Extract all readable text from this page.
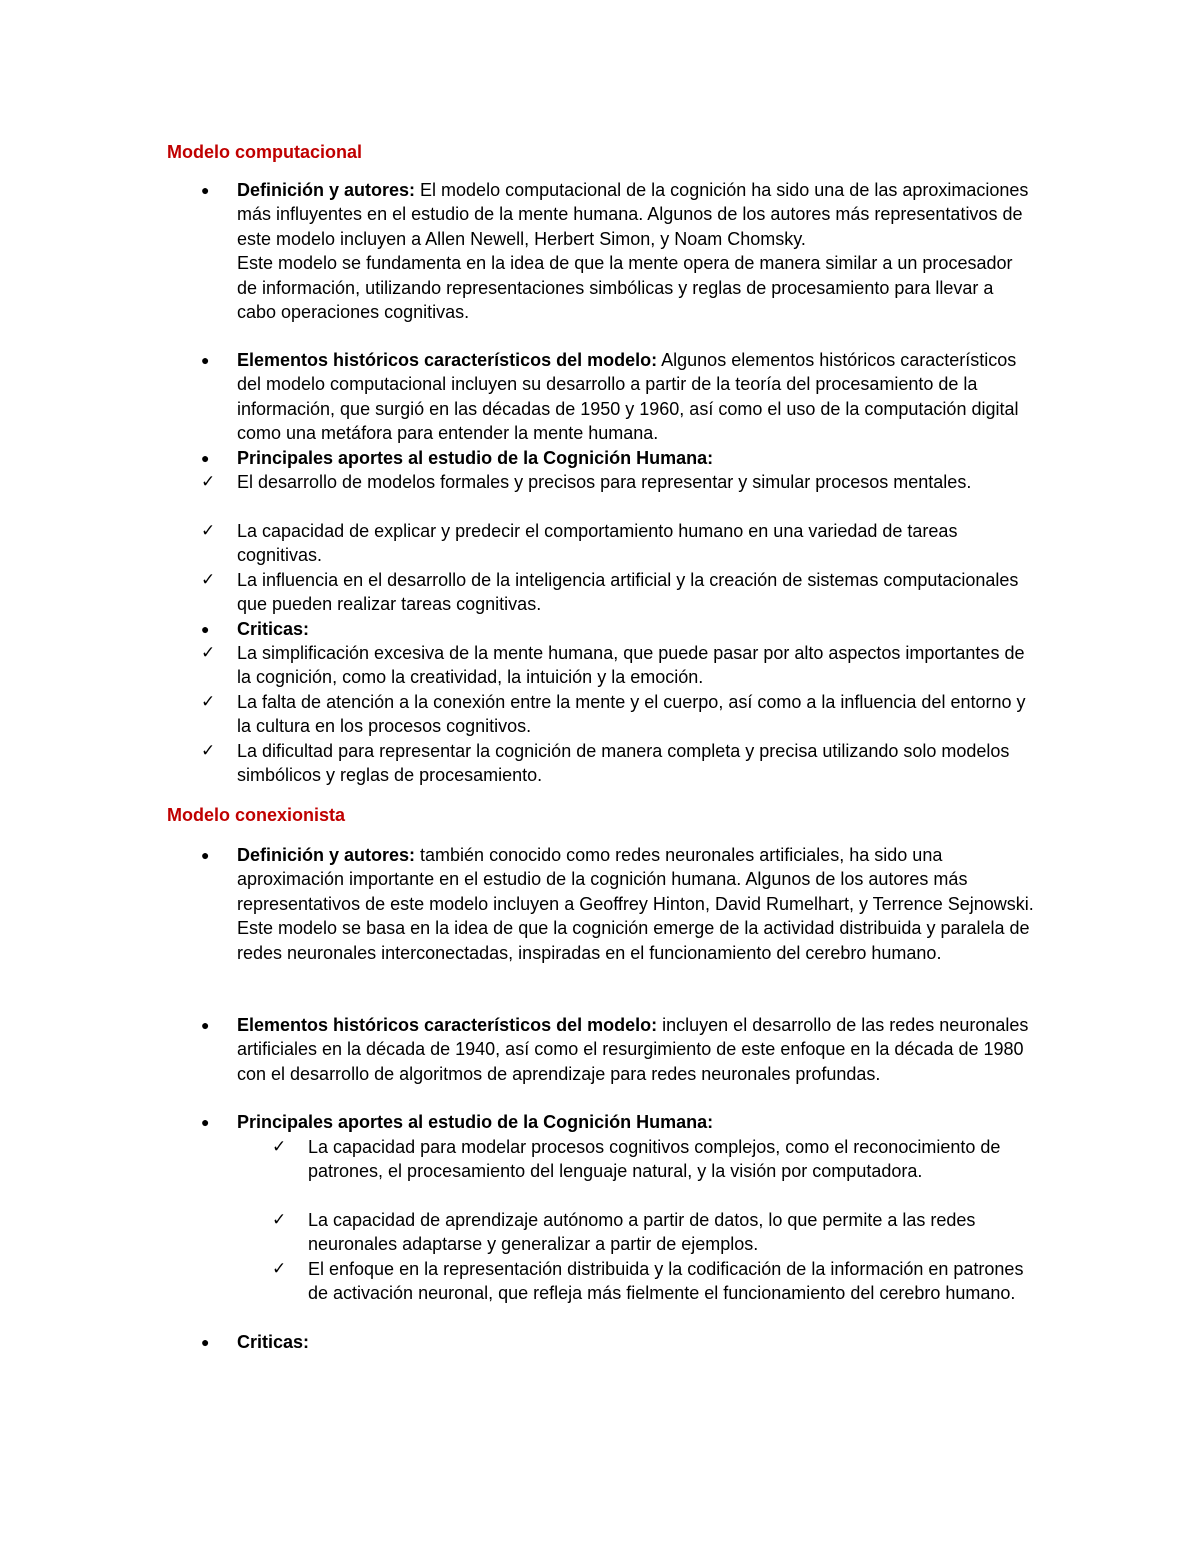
Modelo computacional
● Definición y autores: El modelo computacional de la cognición ha sido una de las aproximaciones más influyentes en el estudio de la mente humana. Algunos de los autores más representativos de este modelo incluyen a Allen Newell, Herbert Simon, y Noam Chomsky.

Este modelo se fundamenta en la idea de que la mente opera de manera similar a un procesador de información, utilizando representaciones simbólicas y reglas de procesamiento para llevar a cabo operaciones cognitivas.

● Elementos históricos característicos del modelo: Algunos elementos históricos característicos del modelo computacional incluyen su desarrollo a partir de la teoría del procesamiento de la información, que surgió en las décadas de 1950 y 1960, así como el uso de la computación digital como una metáfora para entender la mente humana.

● Principales aportes al estudio de la Cognición Humana:

✓ El desarrollo de modelos formales y precisos para representar y simular procesos mentales.

✓ La capacidad de explicar y predecir el comportamiento humano en una variedad de tareas cognitivas.

✓ La influencia en el desarrollo de la inteligencia artificial y la creación de sistemas computacionales que pueden realizar tareas cognitivas.

● Criticas:

✓ La simplificación excesiva de la mente humana, que puede pasar por alto aspectos importantes de la cognición, como la creatividad, la intuición y la emoción.

✓ La falta de atención a la conexión entre la mente y el cuerpo, así como a la influencia del entorno y la cultura en los procesos cognitivos.

✓ La dificultad para representar la cognición de manera completa y precisa utilizando solo modelos simbólicos y reglas de procesamiento.

Modelo conexionista
● Definición y autores: también conocido como redes neuronales artificiales, ha sido una aproximación importante en el estudio de la cognición humana. Algunos de los autores más representativos de este modelo incluyen a Geoffrey Hinton, David Rumelhart, y Terrence Sejnowski.

Este modelo se basa en la idea de que la cognición emerge de la actividad distribuida y paralela de redes neuronales interconectadas, inspiradas en el funcionamiento del cerebro humano.

● Elementos históricos característicos del modelo: incluyen el desarrollo de las redes neuronales artificiales en la década de 1940, así como el resurgimiento de este enfoque en la década de 1980 con el desarrollo de algoritmos de aprendizaje para redes neuronales profundas.

● Principales aportes al estudio de la Cognición Humana:

✓ La capacidad para modelar procesos cognitivos complejos, como el reconocimiento de patrones, el procesamiento del lenguaje natural, y la visión por computadora.

✓ La capacidad de aprendizaje autónomo a partir de datos, lo que permite a las redes neuronales adaptarse y generalizar a partir de ejemplos.

✓ El enfoque en la representación distribuida y la codificación de la información en patrones de activación neuronal, que refleja más fielmente el funcionamiento del cerebro humano.

● Criticas:
